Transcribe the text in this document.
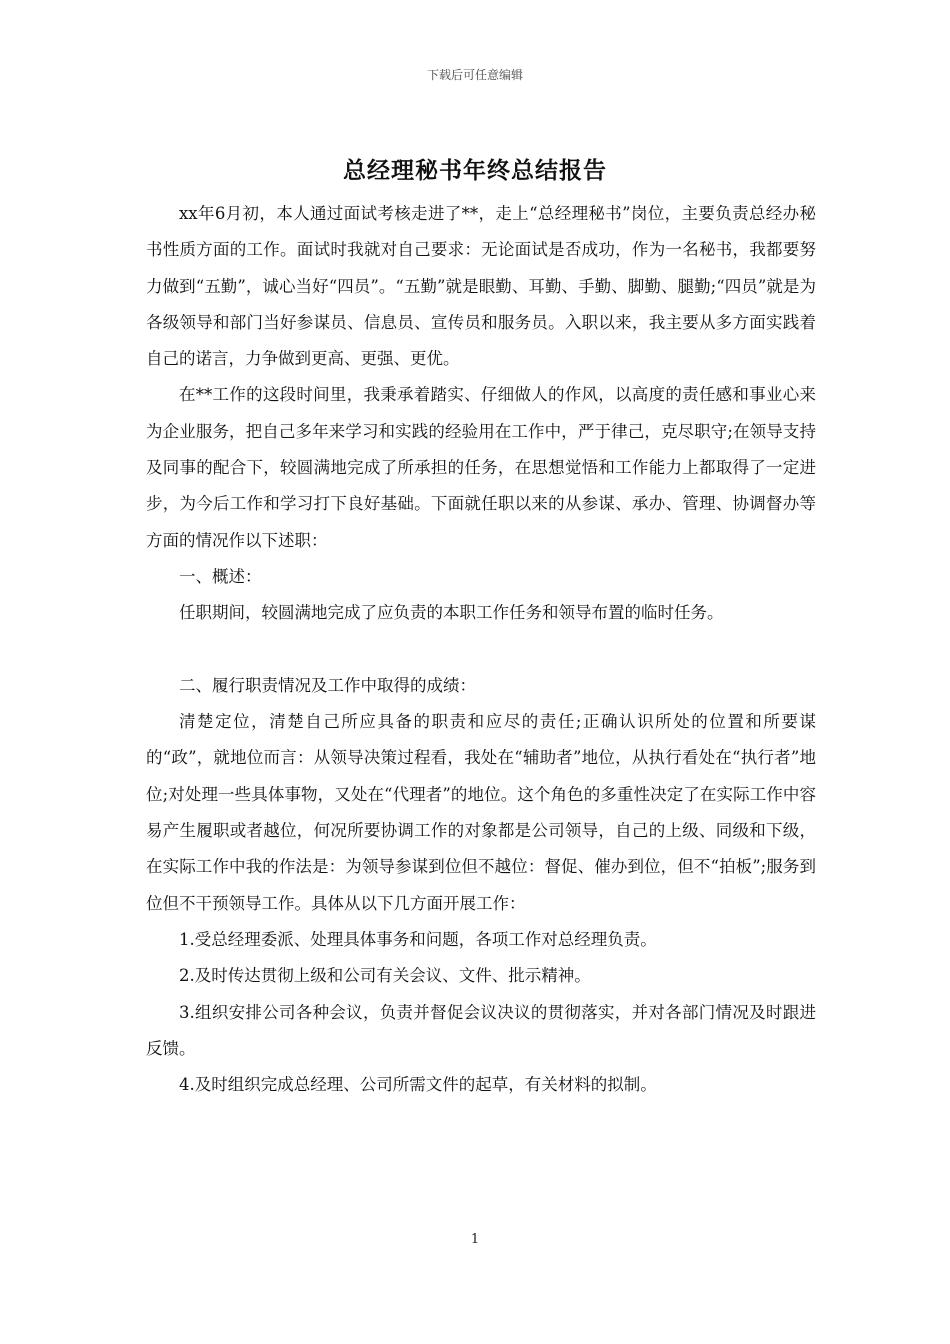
下载后可任意编辑
总经理秘书年终总结报告

xx年6月初，本人通过面试考核走进了**，走上“总经理秘书”岗位，主要负责总经办秘书性质方面的工作。面试时我就对自己要求：无论面试是否成功，作为一名秘书，我都要努力做到“五勤”，诚心当好“四员”。“五勤”就是眼勤、耳勤、手勤、脚勤、腿勤;“四员”就是为各级领导和部门当好参谋员、信息员、宣传员和服务员。入职以来，我主要从多方面实践着自己的诺言，力争做到更高、更强、更优。

在**工作的这段时间里，我秉承着踏实、仔细做人的作风，以高度的责任感和事业心来为企业服务，把自己多年来学习和实践的经验用在工作中，严于律己，克尽职守;在领导支持及同事的配合下，较圆满地完成了所承担的任务，在思想觉悟和工作能力上都取得了一定进步，为今后工作和学习打下良好基础。下面就任职以来的从参谋、承办、管理、协调督办等方面的情况作以下述职：

一、概述：

任职期间，较圆满地完成了应负责的本职工作任务和领导布置的临时任务。

二、履行职责情况及工作中取得的成绩：

清楚定位，清楚自己所应具备的职责和应尽的责任;正确认识所处的位置和所要谋的“政”，就地位而言：从领导决策过程看，我处在“辅助者”地位，从执行看处在“执行者”地位;对处理一些具体事物，又处在“代理者”的地位。这个角色的多重性决定了在实际工作中容易产生履职或者越位，何况所要协调工作的对象都是公司领导，自己的上级、同级和下级，在实际工作中我的作法是：为领导参谋到位但不越位：督促、催办到位，但不“拍板”;服务到位但不干预领导工作。具体从以下几方面开展工作：

1.受总经理委派、处理具体事务和问题，各项工作对总经理负责。

2.及时传达贯彻上级和公司有关会议、文件、批示精神。

3.组织安排公司各种会议，负责并督促会议决议的贯彻落实，并对各部门情况及时跟进反馈。

4.及时组织完成总经理、公司所需文件的起草，有关材料的拟制。

1
